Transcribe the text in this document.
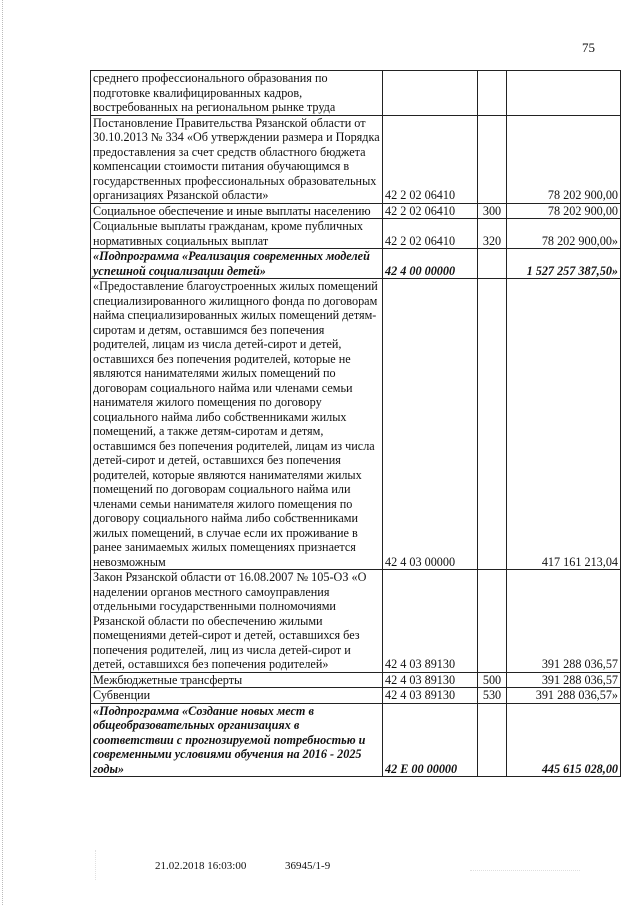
75
среднего профессионального образования по подготовке квалифицированных кадров, востребованных на региональном рынке труда			
Постановление Правительства Рязанской области от 30.10.2013 № 334 «Об утверждении размера и Порядка предоставления за счет средств областного бюджета компенсации стоимости питания обучающимся в государственных профессиональных образовательных организациях Рязанской области»	42 2 02 06410		78 202 900,00
Социальное обеспечение и иные выплаты населению	42 2 02 06410	300	78 202 900,00
Социальные выплаты гражданам, кроме публичных нормативных социальных выплат	42 2 02 06410	320	78 202 900,00»
«Подпрограмма «Реализация современных моделей успешной социализации детей»	42 4 00 00000		1 527 257 387,50»
«Предоставление благоустроенных жилых помещений специализированного жилищного фонда по договорам найма специализированных жилых помещений детям-сиротам и детям, оставшимся без попечения родителей, лицам из числа детей-сирот и детей, оставшихся без попечения родителей, которые не являются нанимателями жилых помещений по договорам социального найма или членами семьи нанимателя жилого помещения по договору социального найма либо собственниками жилых помещений, а также детям-сиротам и детям, оставшимся без попечения родителей, лицам из числа детей-сирот и детей, оставшихся без попечения родителей, которые являются нанимателями жилых помещений по договорам социального найма или членами семьи нанимателя жилого помещения по договору социального найма либо собственниками жилых помещений, в случае если их проживание в ранее занимаемых жилых помещениях признается невозможным	42 4 03 00000		417 161 213,04
Закон Рязанской области от 16.08.2007 № 105-ОЗ «О наделении органов местного самоуправления отдельными государственными полномочиями Рязанской области по обеспечению жилыми помещениями детей-сирот и детей, оставшихся без попечения родителей, лиц из числа детей-сирот и детей, оставшихся без попечения родителей»	42 4 03 89130		391 288 036,57
Межбюджетные трансферты	42 4 03 89130	500	391 288 036,57
Субвенции	42 4 03 89130	530	391 288 036,57»
«Подпрограмма «Создание новых мест в общеобразовательных организациях в соответствии с прогнозируемой потребностью и современными условиями обучения на 2016 - 2025 годы»	42 Е 00 00000		445 615 028,00
21.02.2018 16:03:00	36945/1-9
